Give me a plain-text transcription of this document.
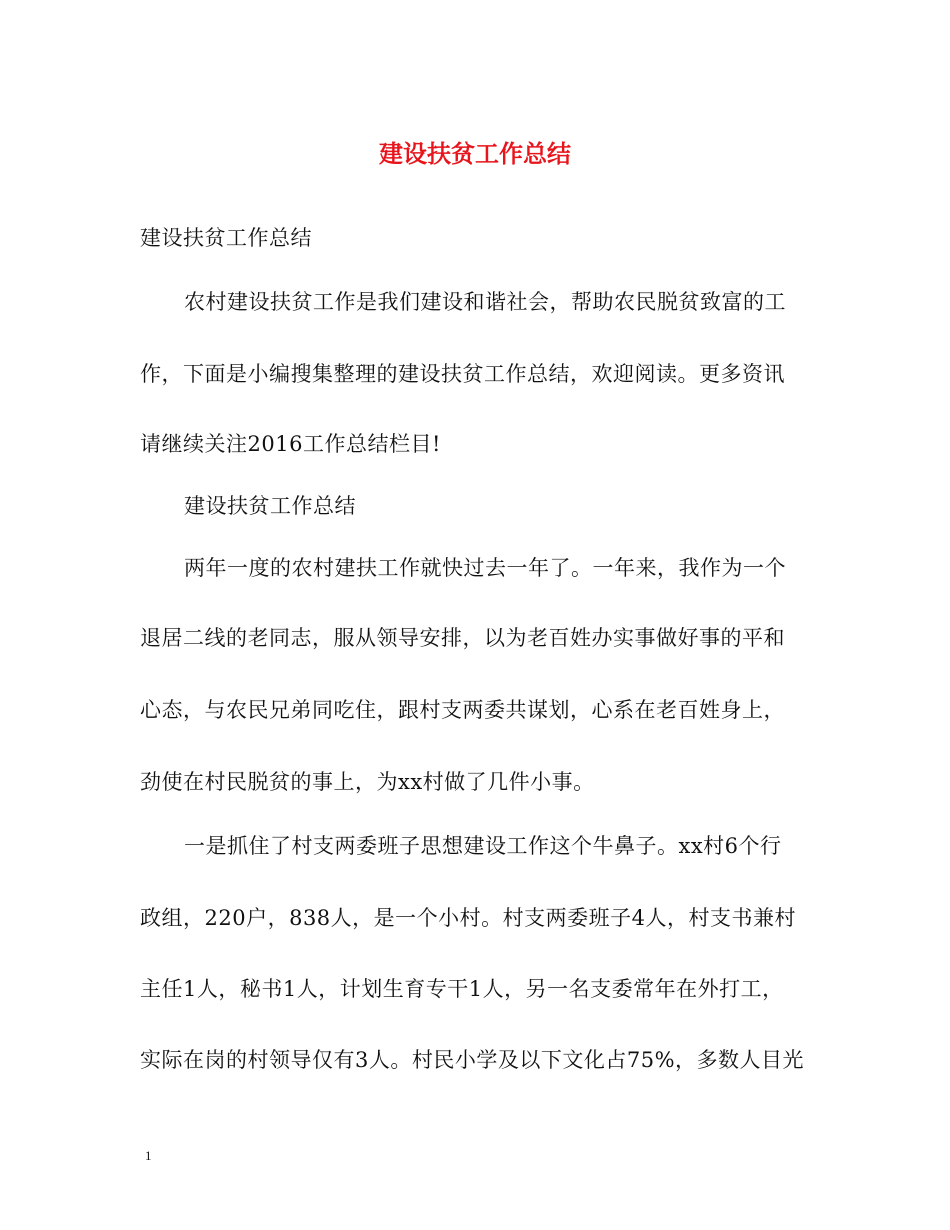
建设扶贫工作总结
建设扶贫工作总结
农村建设扶贫工作是我们建设和谐社会，帮助农民脱贫致富的工
作，下面是小编搜集整理的建设扶贫工作总结，欢迎阅读。更多资讯
请继续关注2016工作总结栏目!
建设扶贫工作总结
两年一度的农村建扶工作就快过去一年了。一年来，我作为一个
退居二线的老同志，服从领导安排，以为老百姓办实事做好事的平和
心态，与农民兄弟同吃住，跟村支两委共谋划，心系在老百姓身上，
劲使在村民脱贫的事上，为xx村做了几件小事。
一是抓住了村支两委班子思想建设工作这个牛鼻子。xx村6个行
政组，220户，838人，是一个小村。村支两委班子4人，村支书兼村
主任1人，秘书1人，计划生育专干1人，另一名支委常年在外打工，
实际在岗的村领导仅有3人。村民小学及以下文化占75%，多数人目光
1
